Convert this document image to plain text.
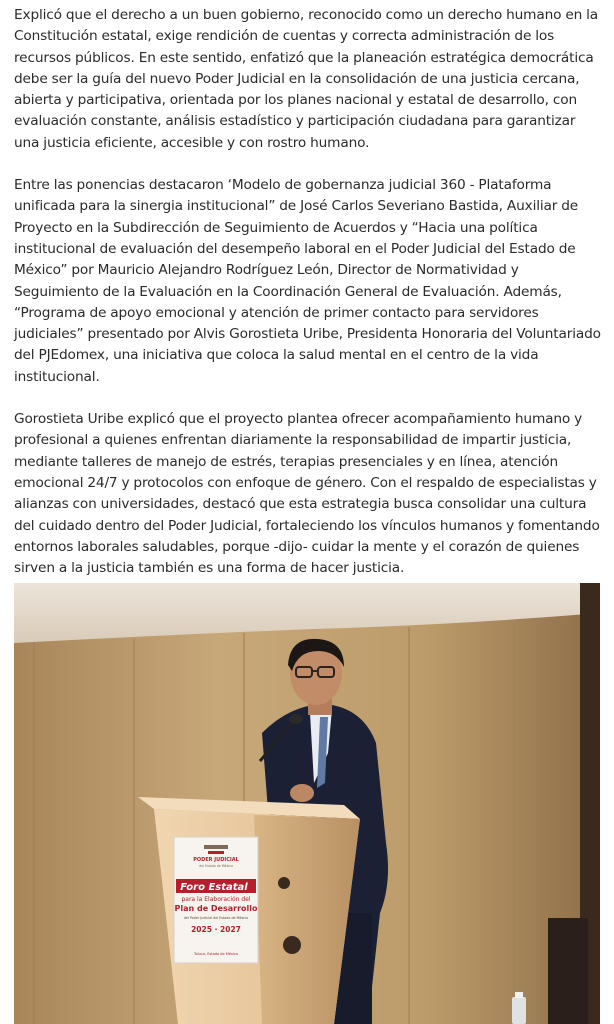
Explicó que el derecho a un buen gobierno, reconocido como un derecho humano en la Constitución estatal, exige rendición de cuentas y correcta administración de los recursos públicos. En este sentido, enfatizó que la planeación estratégica democrática debe ser la guía del nuevo Poder Judicial en la consolidación de una justicia cercana, abierta y participativa, orientada por los planes nacional y estatal de desarrollo, con evaluación constante, análisis estadístico y participación ciudadana para garantizar una justicia eficiente, accesible y con rostro humano.

Entre las ponencias destacaron ‘Modelo de gobernanza judicial 360 - Plataforma unificada para la sinergia institucional” de José Carlos Severiano Bastida, Auxiliar de Proyecto en la Subdirección de Seguimiento de Acuerdos y “Hacia una política institucional de evaluación del desempeño laboral en el Poder Judicial del Estado de México” por Mauricio Alejandro Rodríguez León, Director de Normatividad y Seguimiento de la Evaluación en la Coordinación General de Evaluación. Además, “Programa de apoyo emocional y atención de primer contacto para servidores judiciales” presentado por Alvis Gorostieta Uribe, Presidenta Honoraria del Voluntariado del PJEdomex, una iniciativa que coloca la salud mental en el centro de la vida institucional.

Gorostieta Uribe explicó que el proyecto plantea ofrecer acompañamiento humano y profesional a quienes enfrentan diariamente la responsabilidad de impartir justicia, mediante talleres de manejo de estrés, terapias presenciales y en línea, atención emocional 24/7 y protocolos con enfoque de género. Con el respaldo de especialistas y alianzas con universidades, destacó que esta estrategia busca consolidar una cultura del cuidado dentro del Poder Judicial, fortaleciendo los vínculos humanos y fomentando entornos laborales saludables, porque -dijo- cuidar la mente y el corazón de quienes sirven a la justicia también es una forma de hacer justicia.

PODER JUDICIAL
del Estado de México
Foro Estatal
para la Elaboración del
Plan de Desarrollo
del Poder Judicial del Estado de México
2025 · 2027
Toluca, Estado de México
